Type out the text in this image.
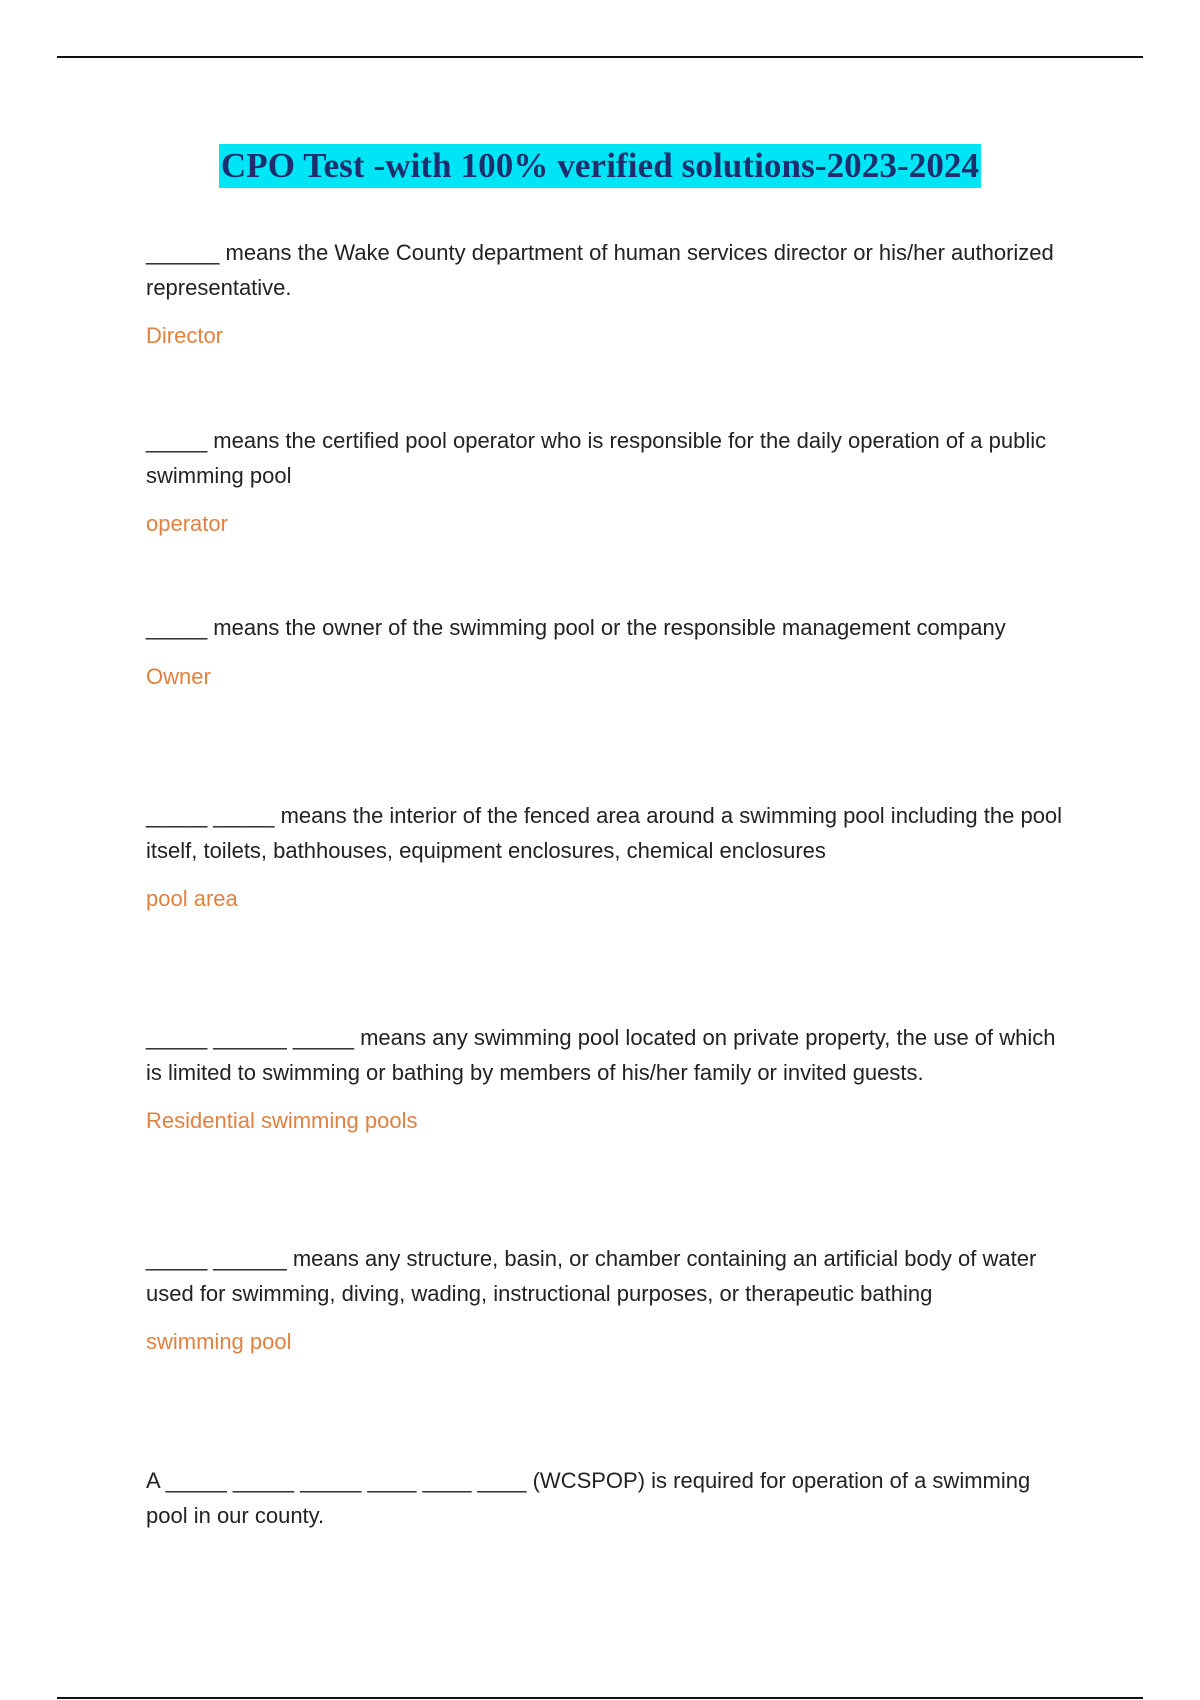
CPO Test -with 100% verified solutions-2023-2024

______ means the Wake County department of human services director or his/her authorized representative.

Director

_____ means the certified pool operator who is responsible for the daily operation of a public swimming pool

operator

_____ means the owner of the swimming pool or the responsible management company

Owner

_____ _____ means the interior of the fenced area around a swimming pool including the pool itself, toilets, bathhouses, equipment enclosures, chemical enclosures

pool area

_____ ______ _____ means any swimming pool located on private property, the use of which is limited to swimming or bathing by members of his/her family or invited guests.

Residential swimming pools

_____ ______ means any structure, basin, or chamber containing an artificial body of water used for swimming, diving, wading, instructional purposes, or therapeutic bathing

swimming pool

A _____ _____ _____ ____ ____ ____ (WCSPOP) is required for operation of a swimming pool in our county.
